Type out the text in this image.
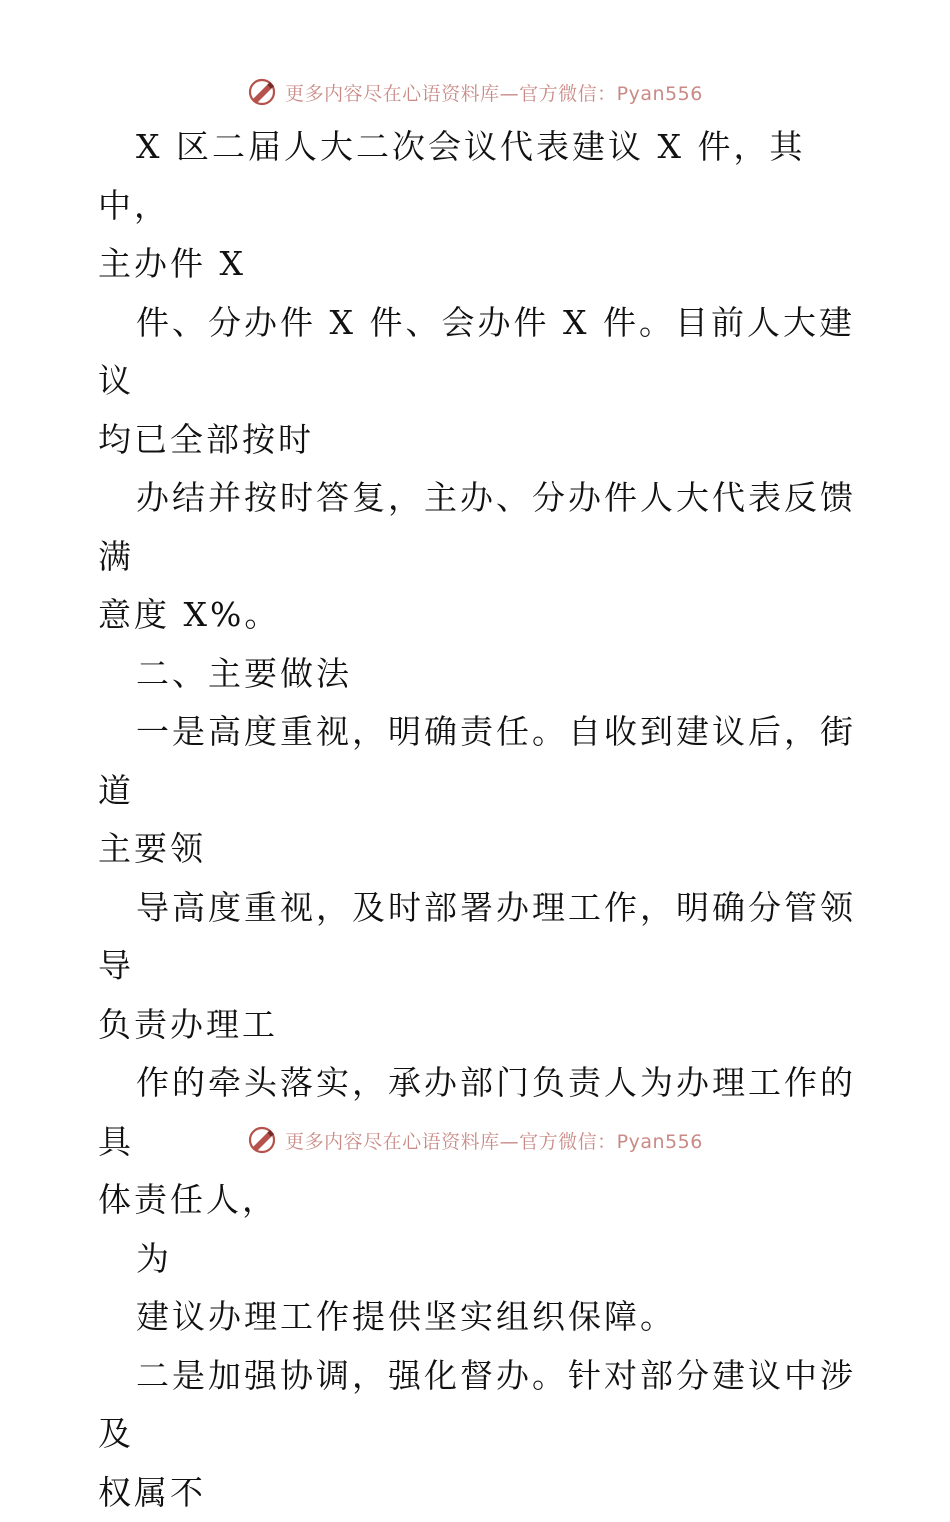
更多内容尽在心语资料库—官方微信：Pyan556

X 区二届人大二次会议代表建议 X 件，其中，

主办件 X

件、分办件 X 件、会办件 X 件。目前人大建议

均已全部按时

办结并按时答复，主办、分办件人大代表反馈满

意度 X%。

二、主要做法

一是高度重视，明确责任。自收到建议后，街道

主要领

导高度重视，及时部署办理工作，明确分管领导

负责办理工

作的牵头落实，承办部门负责人为办理工作的具

体责任人，

为

建议办理工作提供坚实组织保障。

二是加强协调，强化督办。针对部分建议中涉及

权属不

更多内容尽在心语资料库—官方微信：Pyan556
